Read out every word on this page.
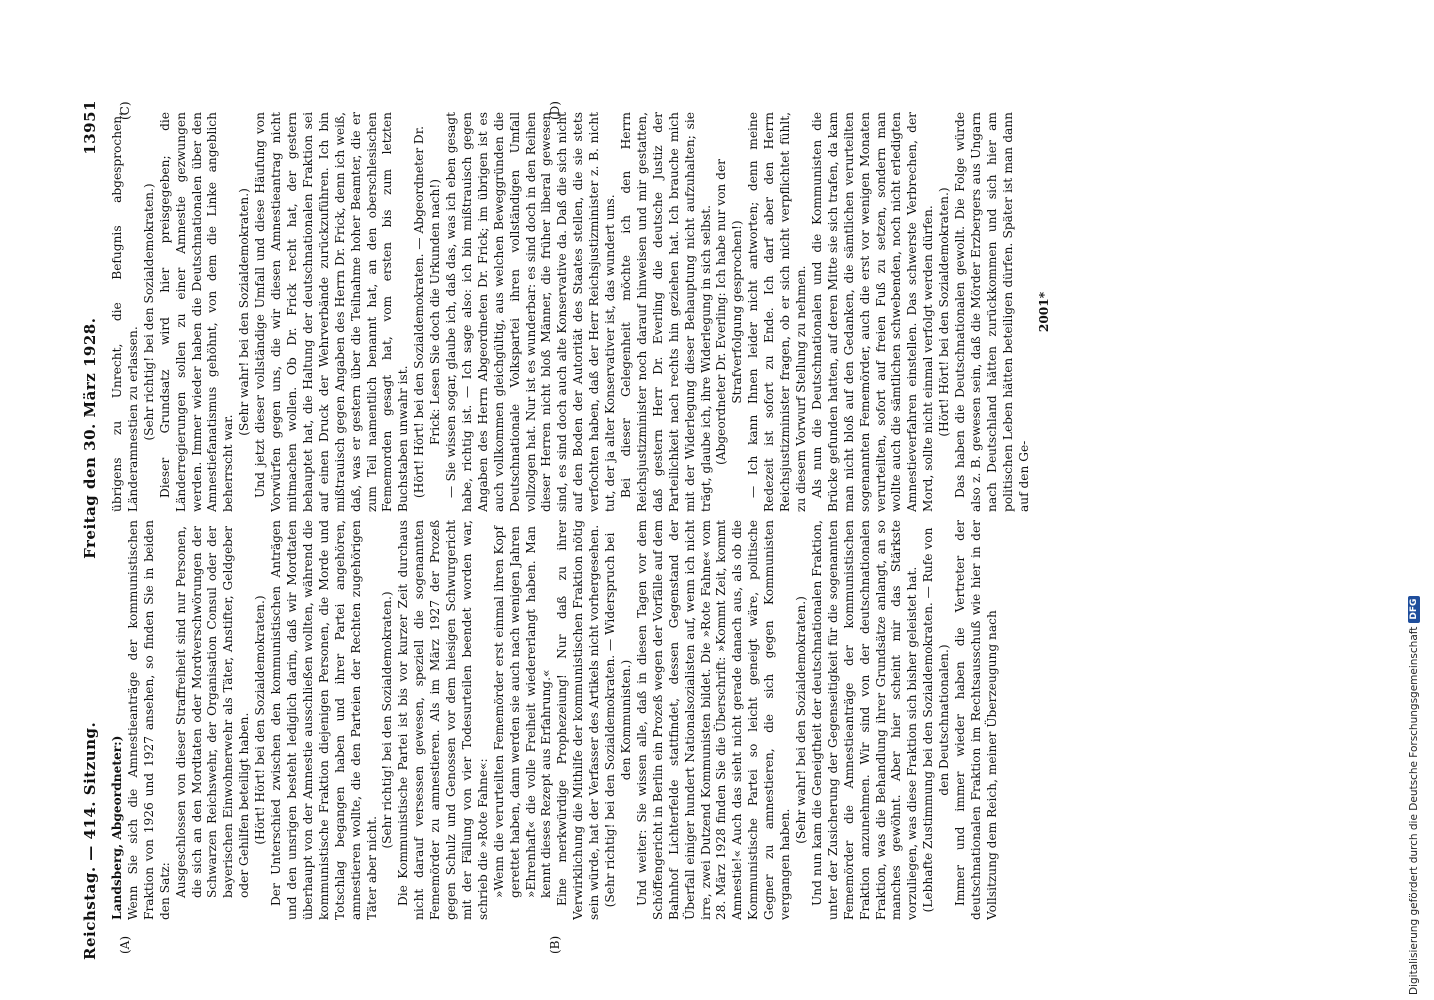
Reichstag. — 414. Sitzung.
Freitag den 30. März 1928.
13951
(A)	(B)
(C)	(D)

Landsberg, Abgeordneter:) Wenn Sie sich die Amnestieanträge der kommunistischen Fraktion von 1926 und 1927 ansehen, so finden Sie in beiden den Satz: Ausgeschlossen von dieser Straffreiheit sind nur Personen, die sich an den Mordtaten oder Mordverschwörungen der Schwarzen Reichswehr, der Organisation Consul oder der bayerischen Einwohnerwehr als Täter, Anstifter, Geldgeber oder Gehilfen beteiligt haben. (Hört! Hört! bei den Sozialdemokraten.) Der Unterschied zwischen den kommunistischen Anträgen und den unsrigen besteht lediglich darin, daß wir Mordtaten überhaupt von der Amnestie ausschließen wollten, während die kommunistische Fraktion diejenigen Personen, die Morde und Totschlag begangen haben und ihrer Partei angehören, amnestieren wollte, die den Parteien der Rechten zugehörigen Täter aber nicht.

(Sehr richtig! bei den Sozialdemokraten.) Die Kommunistische Partei ist bis vor kurzer Zeit durchaus nicht darauf versessen gewesen, speziell die sogenannten Fememörder zu amnestieren. Als im März 1927 der Prozeß gegen Schulz und Genossen vor dem hiesigen Schwurgericht mit der Fällung von vier Todesurteilen beendet worden war, schrieb die »Rote Fahne«: »Wenn die verurteilten Fememörder erst einmal ihren Kopf gerettet haben, dann werden sie auch nach wenigen Jahren »Ehrenhaft« die volle Freiheit wiedererlangt haben. Man kennt dieses Rezept aus Erfahrung.« Eine merkwürdige Prophezeiung! Nur daß zu ihrer Verwirklichung die Mithilfe der kommunistischen Fraktion nötig sein würde, hat der Verfasser des Artikels nicht vorhergesehen. (Sehr richtig! bei den Sozialdemokraten. — Widerspruch bei den Kommunisten.) Und weiter: Sie wissen alle, daß in diesen Tagen vor dem Schöffengericht in Berlin ein Prozeß wegen der Vorfälle auf dem Bahnhof Lichterfelde stattfindet, dessen Gegenstand der Überfall einiger hundert Nationalsozialisten auf, wenn ich nicht irre, zwei Dutzend Kommunisten bildet. Die »Rote Fahne« vom 28. März 1928 finden Sie die Überschrift: »Kommt Zeit, kommt Amnestie!« Auch das sieht nicht gerade danach aus, als ob die Kommunistische Partei so leicht geneigt wäre, politische Gegner zu amnestieren, die sich gegen Kommunisten vergangen haben.

(Sehr wahr! bei den Sozialdemokraten.) Und nun kam die Geneigtheit der deutschnationalen Fraktion, unter der Zusicherung der Gegenseitigkeit für die sogenannten Fememörder die Amnestieanträge der kommunistischen Fraktion anzunehmen. Wir sind von der deutschnationalen Fraktion, was die Behandlung ihrer Grundsätze anlangt, an so manches gewöhnt. Aber hier scheint mir das Stärkste vorzuliegen, was diese Fraktion sich bisher geleistet hat. (Lebhafte Zustimmung bei den Sozialdemokraten. — Rufe von den Deutschnationalen.) Immer und immer wieder haben die Vertreter der deutschnationalen Fraktion im Rechtsausschuß wie hier in der Vollsitzung dem Reich, meiner Überzeugung nach

übrigens zu Unrecht, die Befugnis abgesprochen, Länderamnestien zu erlassen. (Sehr richtig! bei den Sozialdemokraten.) Dieser Grundsatz wird hier preisgegeben; die Länderregierungen sollen zu einer Amnestie gezwungen werden. Immer wieder haben die Deutschnationalen über den Amnestiefanatismus gehöhnt, von dem die Linke angeblich beherrscht war.

(Sehr wahr! bei den Sozialdemokraten.) Und jetzt dieser vollständige Umfall und diese Häufung von Vorwürfen gegen uns, die wir diesen Amnestieantrag nicht mitmachen wollen. Ob Dr. Frick recht hat, der gestern behauptet hat, die Haltung der deutschnationalen Fraktion sei auf einen Druck der Wehrverbände zurückzuführen. Ich bin mißtrauisch gegen Angaben des Herrn Dr. Frick, denn ich weiß, daß, was er gestern über die Teilnahme hoher Beamter, die er zum Teil namentlich benannt hat, an den oberschlesischen Fememorden gesagt hat, vom ersten bis zum letzten Buchstaben unwahr ist. (Hört! Hört! bei den Sozialdemokraten. — Abgeordneter Dr. Frick: Lesen Sie doch die Urkunden nach!) — Sie wissen sogar, glaube ich, daß das, was ich eben gesagt habe, richtig ist. — Ich sage also: ich bin mißtrauisch gegen Angaben des Herrn Abgeordneten Dr. Frick; im übrigen ist es auch vollkommen gleichgültig, aus welchen Beweggründen die Deutschnationale Volkspartei ihren vollständigen Umfall vollzogen hat. Nur ist es wunderbar: es sind doch in den Reihen dieser Herren nicht bloß Männer, die früher liberal gewesen sind, es sind doch auch alte Konservative da. Daß die sich nicht auf den Boden der Autorität des Staates stellen, die sie stets verfochten haben, daß der Herr Reichsjustizminister z. B. nicht tut, der ja alter Konservativer ist, das wundert uns. Bei dieser Gelegenheit möchte ich den Herrn Reichsjustizminister noch darauf hinweisen und mir gestatten, daß gestern Herr Dr. Everling die deutsche Justiz der Parteilichkeit nach rechts hin geziehen hat. Ich brauche mich mit der Widerlegung dieser Behauptung nicht aufzuhalten; sie trägt, glaube ich, ihre Widerlegung in sich selbst. (Abgeordneter Dr. Everling: Ich habe nur von der Strafverfolgung gesprochen!) — Ich kann Ihnen leider nicht antworten; denn meine Redezeit ist sofort zu Ende. Ich darf aber den Herrn Reichsjustizminister fragen, ob er sich nicht verpflichtet fühlt, zu diesem Vorwurf Stellung zu nehmen. Als nun die Deutschnationalen und die Kommunisten die Brücke gefunden hatten, auf deren Mitte sie sich trafen, da kam man nicht bloß auf den Gedanken, die sämtlichen verurteilten sogenannten Fememörder, auch die erst vor wenigen Monaten verurteilten, sofort auf freien Fuß zu setzen, sondern man wollte auch die sämtlichen schwebenden, noch nicht erledigten Amnestieverfahren einstellen. Das schwerste Verbrechen, der Mord, sollte nicht einmal verfolgt werden dürfen. (Hört! Hört! bei den Sozialdemokraten.) Das haben die Deutschnationalen gewollt. Die Folge würde also z. B. gewesen sein, daß die Mörder Erzbergers aus Ungarn nach Deutschland hätten zurückkommen und sich hier am politischen Leben hätten beteiligen dürfen. Später ist man dann auf den Ge-

2001*

Digitalisierung gefördert durch die Deutsche Forschungsgemeinschaft
DFG
